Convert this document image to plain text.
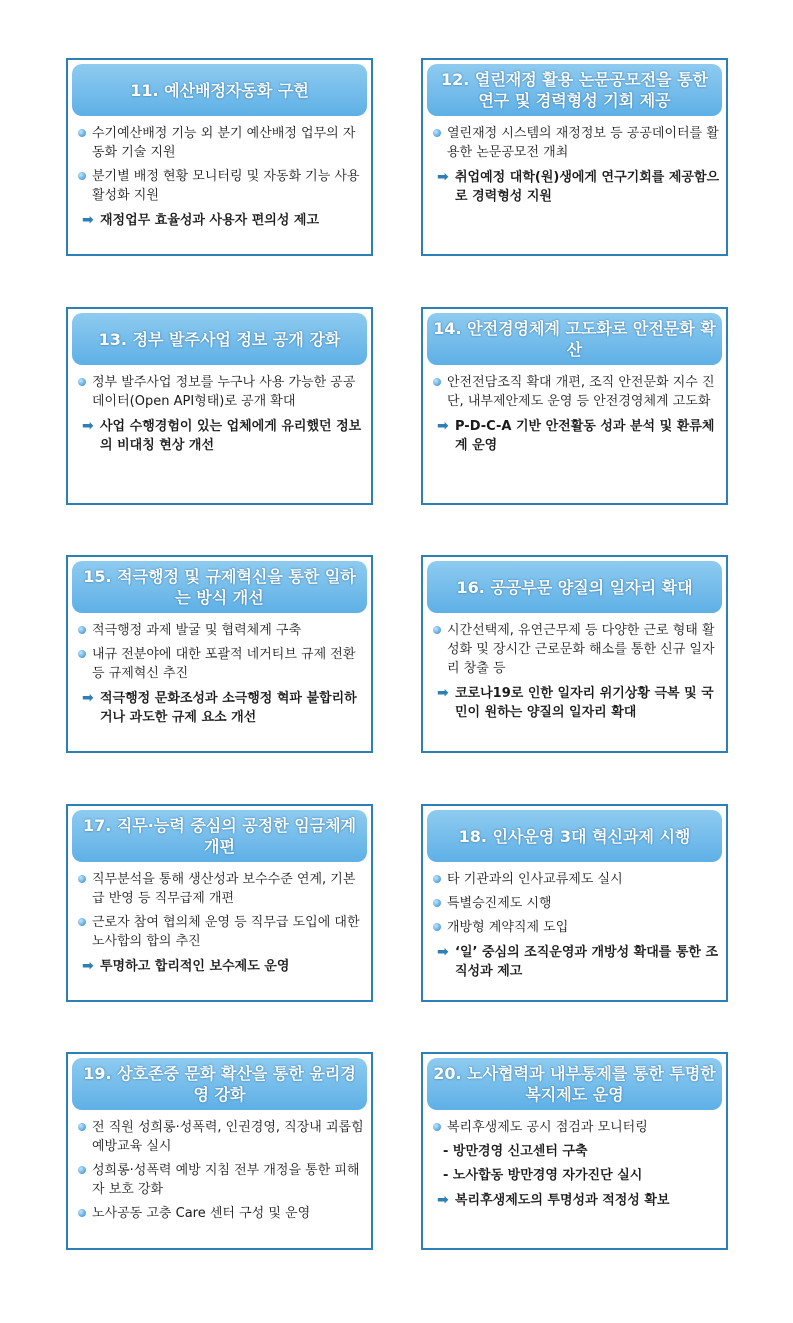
11. 예산배정자동화 구현
수기예산배정 기능 외 분기 예산배정 업무의 자동화 기술 지원
분기별 배정 현황 모니터링 및 자동화 기능 사용 활성화 지원
➡ 재정업무 효율성과 사용자 편의성 제고
12. 열린재정 활용 논문공모전을 통한 연구 및 경력형성 기회 제공
열린재정 시스템의 재정정보 등 공공데이터를 활용한 논문공모전 개최
➡ 취업예정 대학(원)생에게 연구기회를 제공함으로 경력형성 지원
13. 정부 발주사업 정보 공개 강화
정부 발주사업 정보를 누구나 사용 가능한 공공데이터(Open API형태)로 공개 확대
➡ 사업 수행경험이 있는 업체에게 유리했던 정보의 비대칭 현상 개선
14. 안전경영체계 고도화로 안전문화 확산
안전전담조직 확대 개편, 조직 안전문화 지수 진단, 내부제안제도 운영 등 안전경영체계 고도화
➡ P-D-C-A 기반 안전활동 성과 분석 및 환류체계 운영
15. 적극행정 및 규제혁신을 통한 일하는 방식 개선
적극행정 과제 발굴 및 협력체계 구축
내규 전분야에 대한 포괄적 네거티브 규제 전환 등 규제혁신 추진
➡ 적극행정 문화조성과 소극행정 혁파 불합리하거나 과도한 규제 요소 개선
16. 공공부문 양질의 일자리 확대
시간선택제, 유연근무제 등 다양한 근로 형태 활성화 및 장시간 근로문화 해소를 통한 신규 일자리 창출 등
➡ 코로나19로 인한 일자리 위기상황 극복 및 국민이 원하는 양질의 일자리 확대
17. 직무·능력 중심의 공정한 임금체계 개편
직무분석을 통해 생산성과 보수수준 연계, 기본급 반영 등 직무급제 개편
근로자 참여 협의체 운영 등 직무급 도입에 대한 노사합의 합의 추진
➡ 투명하고 합리적인 보수제도 운영
18. 인사운영 3대 혁신과제 시행
타 기관과의 인사교류제도 실시
특별승진제도 시행
개방형 계약직제 도입
➡ ‘일’ 중심의 조직운영과 개방성 확대를 통한 조직성과 제고
19. 상호존중 문화 확산을 통한 윤리경영 강화
전 직원 성희롱·성폭력, 인권경영, 직장내 괴롭힘 예방교육 실시
성희롱·성폭력 예방 지침 전부 개정을 통한 피해자 보호 강화
노사공동 고충 Care 센터 구성 및 운영
20. 노사협력과 내부통제를 통한 투명한 복지제도 운영
복리후생제도 공시 점검과 모니터링
- 방만경영 신고센터 구축
- 노사합동 방만경영 자가진단 실시
➡ 복리후생제도의 투명성과 적정성 확보
